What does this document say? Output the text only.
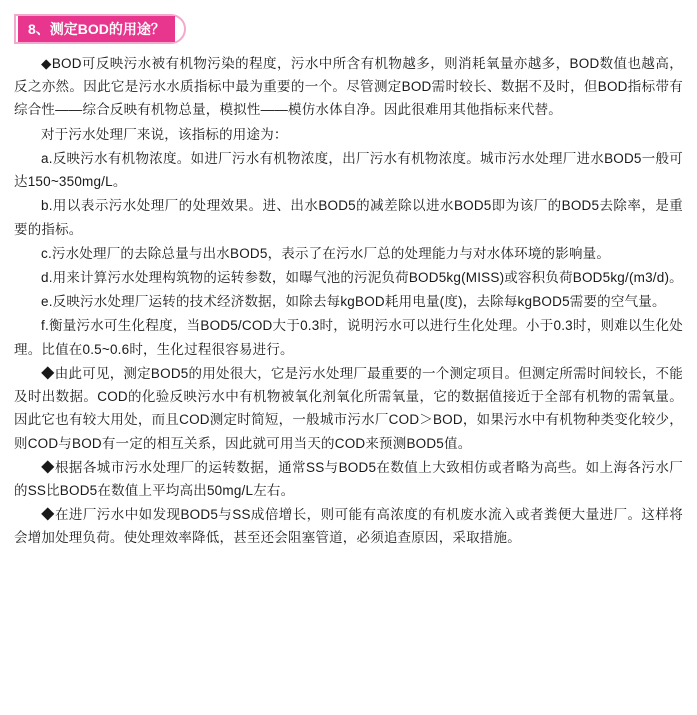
8、测定BOD的用途？

◆BOD可反映污水被有机物污染的程度，污水中所含有机物越多，则消耗氧量亦越多，BOD数值也越高，反之亦然。因此它是污水水质指标中最为重要的一个。尽管测定BOD需时较长、数据不及时，但BOD指标带有综合性——综合反映有机物总量，模拟性——模仿水体自净。因此很难用其他指标来代替。

对于污水处理厂来说，该指标的用途为：

a.反映污水有机物浓度。如进厂污水有机物浓度，出厂污水有机物浓度。城市污水处理厂进水BOD5一般可达150~350mg/L。

b.用以表示污水处理厂的处理效果。进、出水BOD5的减差除以进水BOD5即为该厂的BOD5去除率，是重要的指标。

c.污水处理厂的去除总量与出水BOD5，表示了在污水厂总的处理能力与对水体环境的影响量。

d.用来计算污水处理构筑物的运转参数，如曝气池的污泥负荷BOD5kg(MISS)或容积负荷BOD5kg/(m3/d)。

e.反映污水处理厂运转的技术经济数据，如除去每kgBOD耗用电量(度)，去除每kgBOD5需要的空气量。

f.衡量污水可生化程度，当BOD5/COD大于0.3时，说明污水可以进行生化处理。小于0.3时，则难以生化处理。比值在0.5~0.6时，生化过程很容易进行。

◆由此可见，测定BOD5的用处很大，它是污水处理厂最重要的一个测定项目。但测定所需时间较长，不能及时出数据。COD的化验反映污水中有机物被氧化剂氧化所需氧量，它的数据值接近于全部有机物的需氧量。因此它也有较大用处，而且COD测定时简短，一般城市污水厂COD＞BOD，如果污水中有机物种类变化较少，则COD与BOD有一定的相互关系，因此就可用当天的COD来预测BOD5值。

◆根据各城市污水处理厂的运转数据，通常SS与BOD5在数值上大致相仿或者略为高些。如上海各污水厂的SS比BOD5在数值上平均高出50mg/L左右。

◆在进厂污水中如发现BOD5与SS成倍增长，则可能有高浓度的有机废水流入或者粪便大量进厂。这样将会增加处理负荷。使处理效率降低，甚至还会阻塞管道，必须追查原因，采取措施。
